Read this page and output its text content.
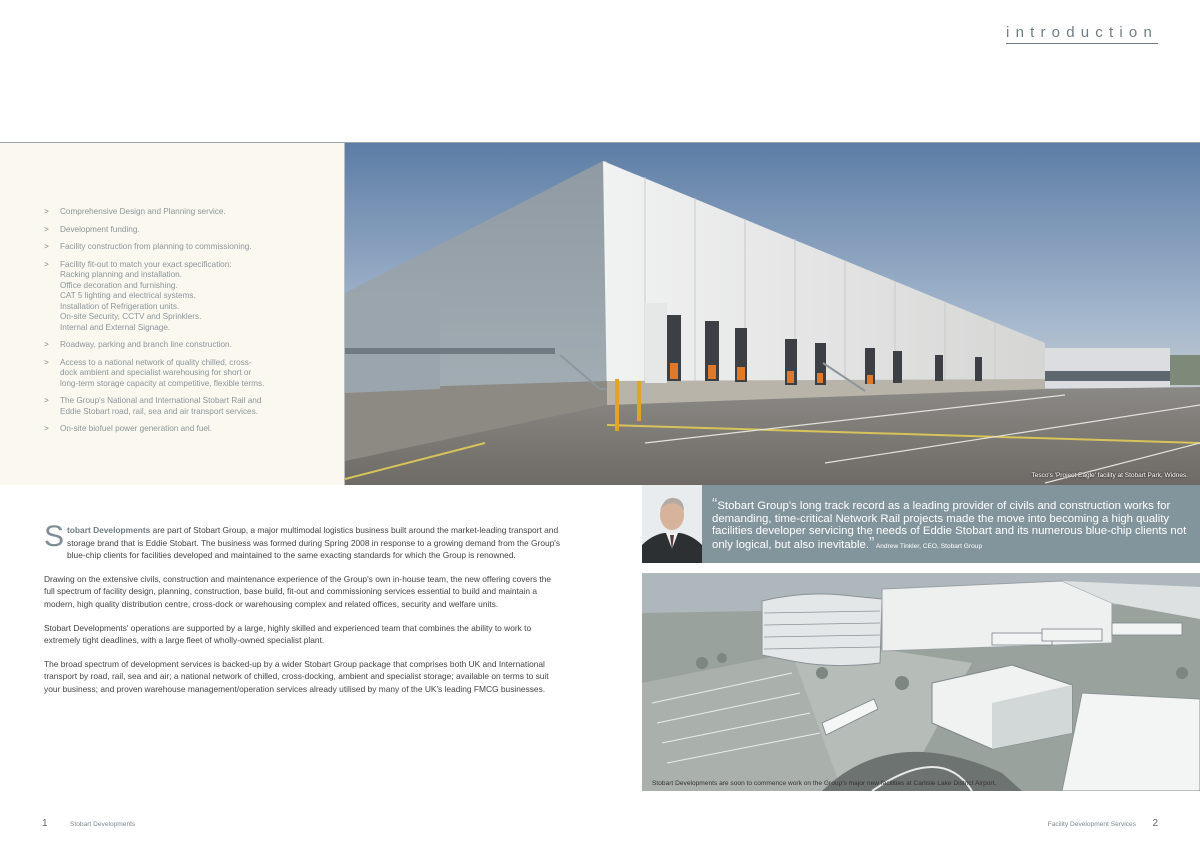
introduction
> Comprehensive Design and Planning service.
> Development funding.
> Facility construction from planning to commissioning.
> Facility fit-out to match your exact specification:
Racking planning and installation.
Office decoration and furnishing.
CAT 5 lighting and electrical systems.
Installation of Refrigeration units.
On-site Security, CCTV and Sprinklers.
Internal and External Signage.
> Roadway, parking and branch line construction.
> Access to a national network of quality chilled, cross-
dock ambient and specialist warehousing for short or
long-term storage capacity at competitive, flexible terms.
> The Group's National and International Stobart Rail and
Eddie Stobart road, rail, sea and air transport services.
> On-site biofuel power generation and fuel.
Tesco's 'Project Eagle' facility at Stobart Park, Widnes.

Stobart Developments are part of Stobart Group, a major multimodal logistics business built around the market-leading transport and storage brand that is Eddie Stobart. The business was formed during Spring 2008 in response to a growing demand from the Group's blue-chip clients for facilities developed and maintained to the same exacting standards for which the Group is renowned.

Drawing on the extensive civils, construction and maintenance experience of the Group's own in-house team, the new offering covers the full spectrum of facility design, planning, construction, base build, fit-out and commissioning services essential to build and maintain a modern, high quality distribution centre, cross-dock or warehousing complex and related offices, security and welfare units.

Stobart Developments' operations are supported by a large, highly skilled and experienced team that combines the ability to work to extremely tight deadlines, with a large fleet of wholly-owned specialist plant.

The broad spectrum of development services is backed-up by a wider Stobart Group package that comprises both UK and International transport by road, rail, sea and air; a national network of chilled, cross-docking, ambient and specialist storage; available on terms to suit your business; and proven warehouse management/operation services already utilised by many of the UK's leading FMCG businesses.

“Stobart Group's long track record as a leading provider of civils and construction works for demanding, time-critical Network Rail projects made the move into becoming a high quality facilities developer servicing the needs of Eddie Stobart and its numerous blue-chip clients not only logical, but also inevitable.” Andrew Tinkler, CEO, Stobart Group
Stobart Developments are soon to commence work on the Group's major new facilities at Carlisle Lake District Airport.
1	Stobart Developments	Facility Development Services 2
